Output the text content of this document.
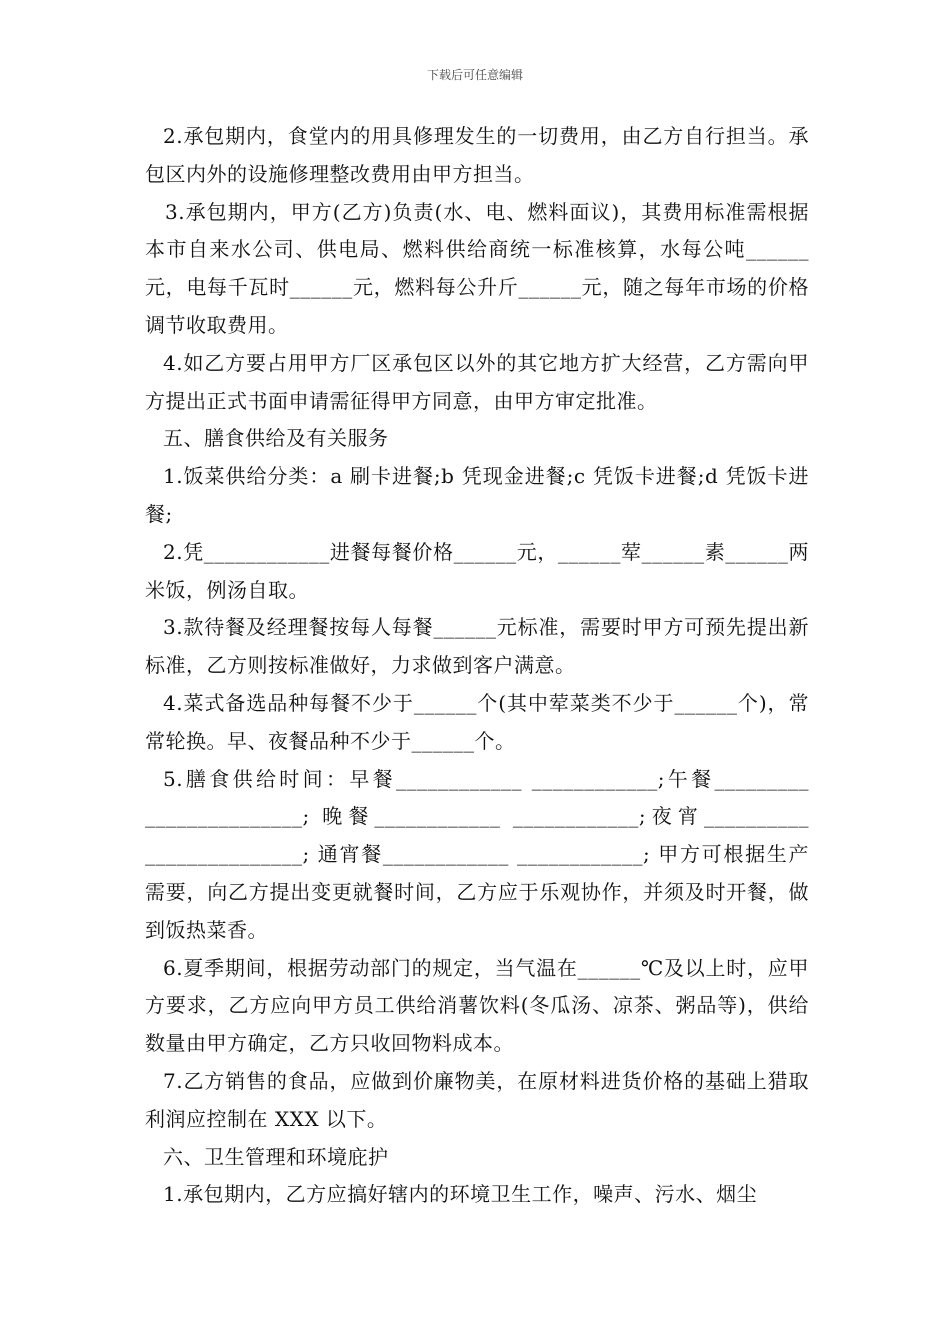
下载后可任意编辑

2.承包期内，食堂内的用具修理发生的一切费用，由乙方自行担当。承包区内外的设施修理整改费用由甲方担当。

3.承包期内，甲方(乙方)负责(水、电、燃料面议)，其费用标准需根据本市自来水公司、供电局、燃料供给商统一标准核算，水每公吨______元，电每千瓦时______元，燃料每公升斤______元，随之每年市场的价格调节收取费用。

4.如乙方要占用甲方厂区承包区以外的其它地方扩大经营，乙方需向甲方提出正式书面申请需征得甲方同意，由甲方审定批准。

五、膳食供给及有关服务

1.饭菜供给分类：a 刷卡进餐;b 凭现金进餐;c 凭饭卡进餐;d 凭饭卡进餐;

2.凭____________进餐每餐价格______元，______荤______素______两米饭，例汤自取。

3.款待餐及经理餐按每人每餐______元标准，需要时甲方可预先提出新标准，乙方则按标准做好，力求做到客户满意。

4.菜式备选品种每餐不少于______个(其中荤菜类不少于______个)，常常轮换。早、夜餐品种不少于______个。

5.膳食供给时间：早餐____________ ____________;午餐_________ _______________; 晚餐____________ ____________;夜宵__________ _______________; 通宵餐____________ ____________; 甲方可根据生产需要，向乙方提出变更就餐时间，乙方应于乐观协作，并须及时开餐，做到饭热菜香。

6.夏季期间，根据劳动部门的规定，当气温在______℃及以上时，应甲方要求，乙方应向甲方员工供给消薯饮料(冬瓜汤、凉茶、粥品等)，供给数量由甲方确定，乙方只收回物料成本。

7.乙方销售的食品，应做到价廉物美，在原材料进货价格的基础上猎取利润应控制在 XXX 以下。

六、卫生管理和环境庇护

1.承包期内，乙方应搞好辖内的环境卫生工作，噪声、污水、烟尘
